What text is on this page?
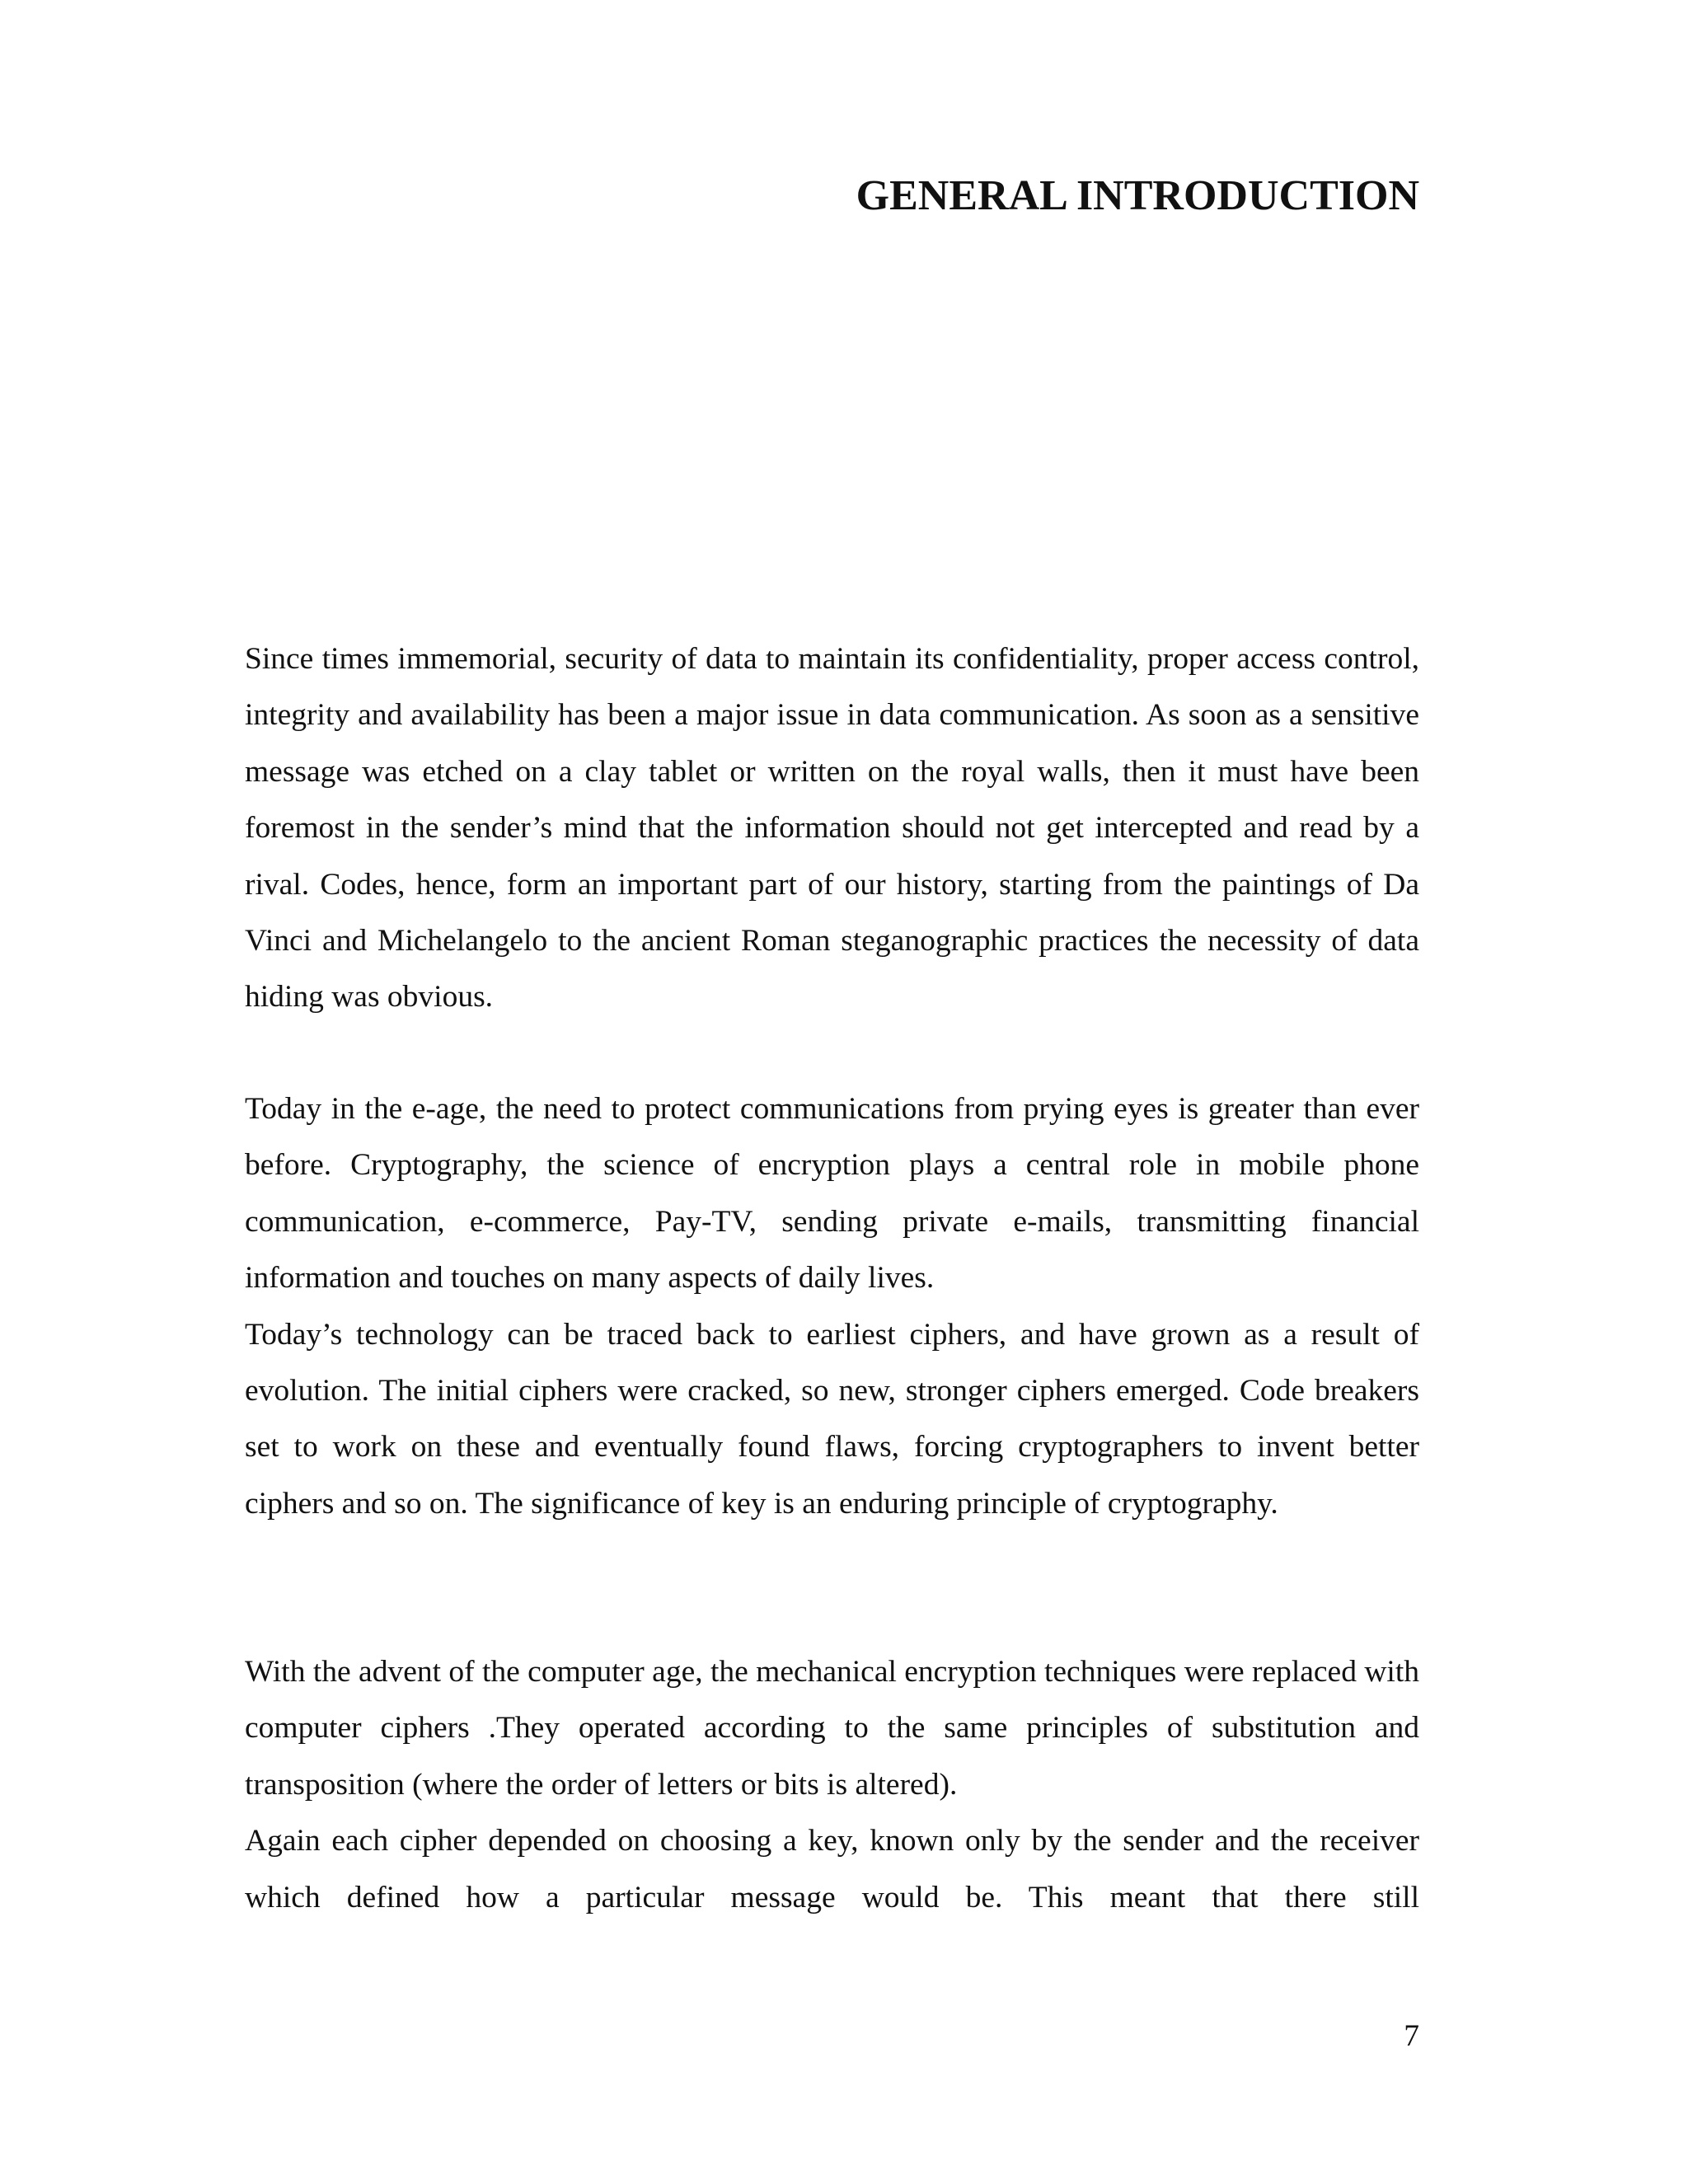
GENERAL INTRODUCTION

Since times immemorial, security of data to maintain its confidentiality, proper access control, integrity and availability has been a major issue in data communication. As soon as a sensitive message was etched on a clay tablet or written on the royal walls, then it must have been foremost in the sender’s mind that the information should not get intercepted and read by a rival. Codes, hence, form an important part of our history, starting from the paintings of Da Vinci and Michelangelo to the ancient Roman steganographic practices the necessity of data hiding was obvious.

Today in the e-age, the need to protect communications from prying eyes is greater than ever before. Cryptography, the science of encryption plays a central role in mobile phone communication, e-commerce, Pay-TV, sending private e-mails, transmitting financial information and touches on many aspects of daily lives.

Today’s technology can be traced back to earliest ciphers, and have grown as a result of evolution. The initial ciphers were cracked, so new, stronger ciphers emerged. Code breakers set to work on these and eventually found flaws, forcing cryptographers to invent better ciphers and so on. The significance of key is an enduring principle of cryptography.

With the advent of the computer age, the mechanical encryption techniques were replaced with computer ciphers .They operated according to the same principles of substitution and transposition (where the order of letters or bits is altered).

Again each cipher depended on choosing a key, known only by the sender and the receiver which defined how a particular message would be. This meant that there still

7
